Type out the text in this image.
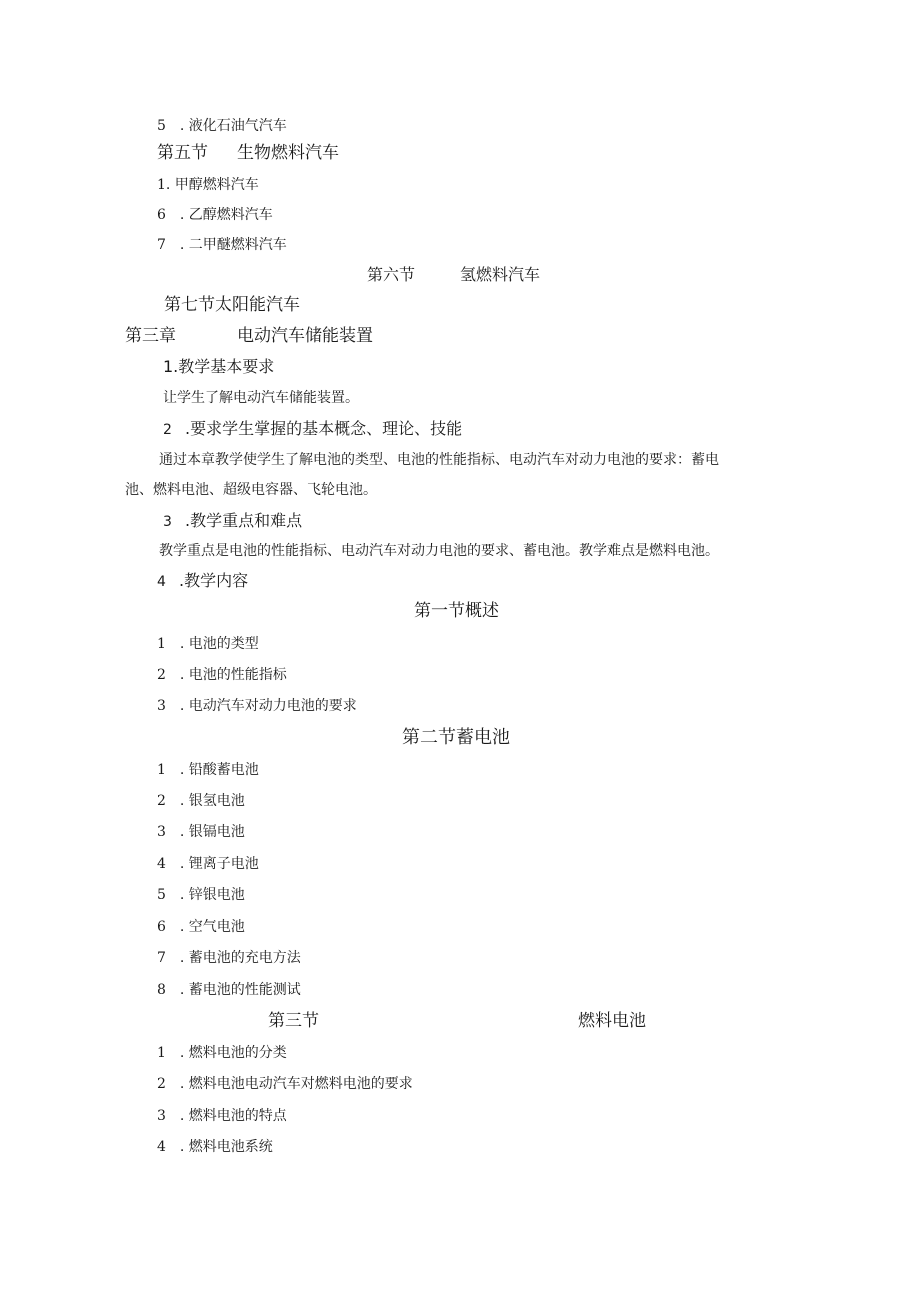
5　. 液化石油气汽车
第五节 生物燃料汽车
1. 甲醇燃料汽车
6　. 乙醇燃料汽车
7　. 二甲醚燃料汽车
第六节	氢燃料汽车
第七节太阳能汽车
第三章	电动汽车储能装置
1.教学基本要求
让学生了解电动汽车储能装置。
2 .要求学生掌握的基本概念、理论、技能
通过本章教学使学生了解电池的类型、电池的性能指标、电动汽车对动力电池的要求：蓄电
池、燃料电池、超级电容器、飞轮电池。
3 .教学重点和难点
教学重点是电池的性能指标、电动汽车对动力电池的要求、蓄电池。教学难点是燃料电池。
4 .教学内容
第一节概述
1　. 电池的类型
2　. 电池的性能指标
3　. 电动汽车对动力电池的要求
第二节蓄电池
1　. 铅酸蓄电池
2　. 银氢电池
3　. 银镉电池
4　. 锂离子电池
5　. 锌银电池
6　. 空气电池
7　. 蓄电池的充电方法
8　. 蓄电池的性能测试
第三节	燃料电池
1　. 燃料电池的分类
2　. 燃料电池电动汽车对燃料电池的要求
3　. 燃料电池的特点
4　. 燃料电池系统
